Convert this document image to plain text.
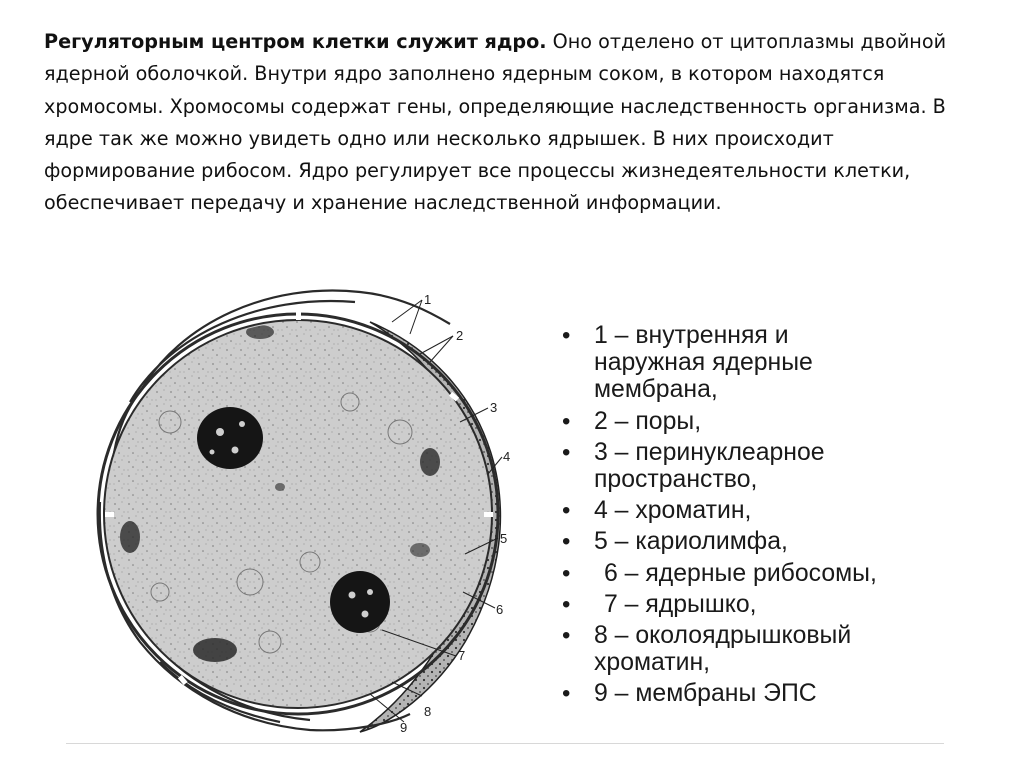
Регуляторным центром клетки служит ядро. Оно отделено от цитоплазмы двойной ядерной оболочкой. Внутри ядро заполнено ядерным соком, в котором находятся хромосомы. Хромосомы содержат гены, определяющие наследственность организма. В ядре так же можно увидеть одно или несколько ядрышек. В них происходит формирование рибосом. Ядро регулирует все процессы жизнедеятельности клетки, обеспечивает передачу и хранение наследственной информации.

1
2
3
4
5
6
7
8
9
• 1 – внутренняя и
наружная ядерные
мембрана,
• 2 – поры,
• 3 – перинуклеарное
пространство,
• 4 – хроматин,
• 5 – кариолимфа,
• 6 – ядерные рибосомы,
• 7 – ядрышко,
• 8 – околоядрышковый
хроматин,
• 9 – мембраны ЭПС
